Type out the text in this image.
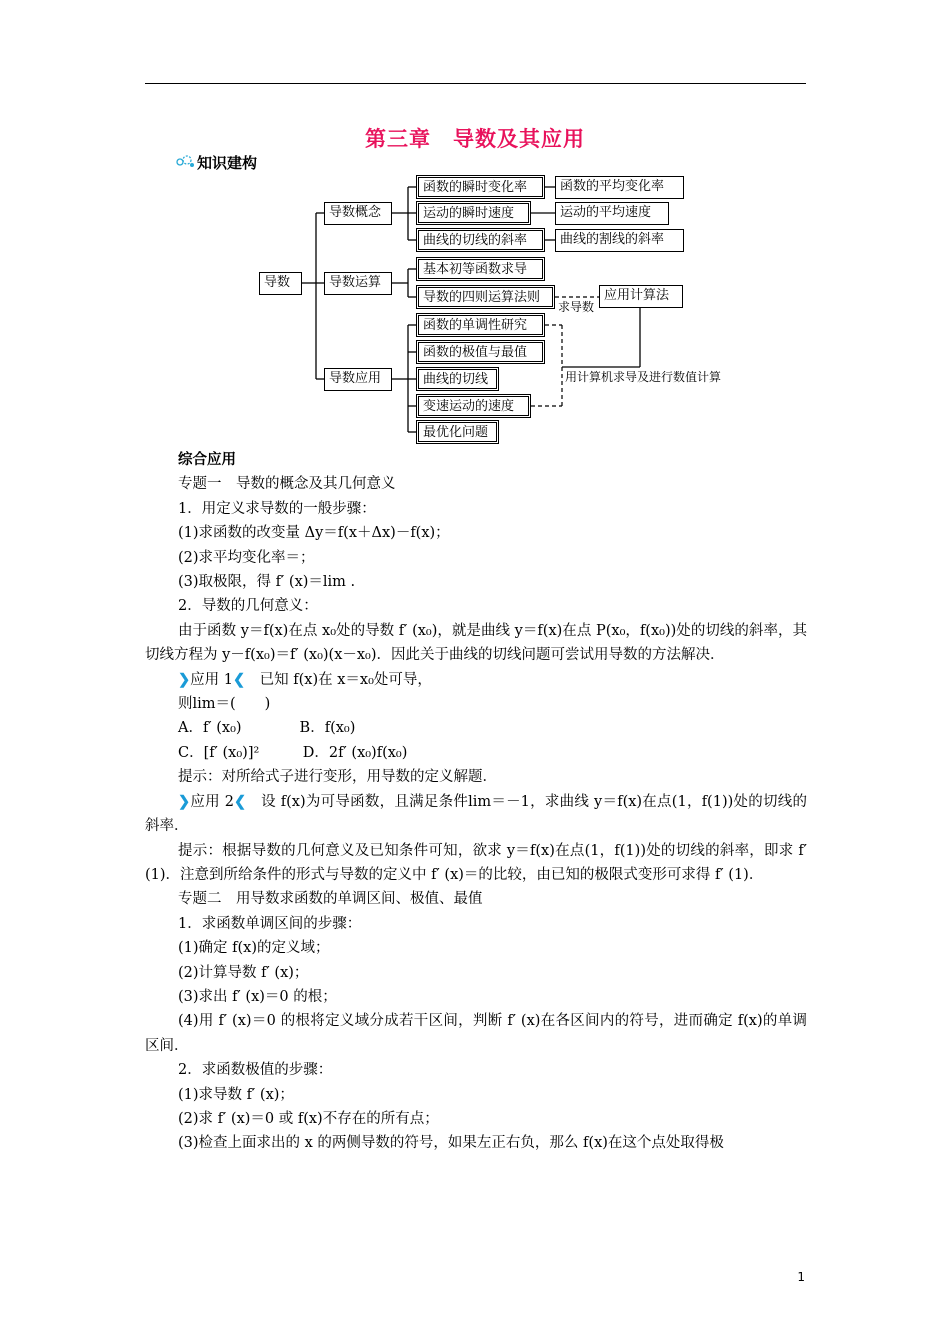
第三章　导数及其应用
知识建构
导数
导数概念
导数运算
导数应用
函数的瞬时变化率
运动的瞬时速度
曲线的切线的斜率
函数的平均变化率
运动的平均速度
曲线的割线的斜率
基本初等函数求导
导数的四则运算法则	应用计算法
求导数
用计算机求导及进行数值计算
函数的单调性研究
函数的极值与最值
曲线的切线
变速运动的速度
最优化问题

综合应用

专题一　导数的概念及其几何意义

1．用定义求导数的一般步骤：

(1)求函数的改变量 Δy＝f(x＋Δx)－f(x)；

(2)求平均变化率＝；

(3)取极限，得 f′ (x)＝lim .

2．导数的几何意义：

由于函数 y＝f(x)在点 x₀处的导数 f′ (x₀)，就是曲线 y＝f(x)在点 P(x₀，f(x₀))处的切线的斜率，其切线方程为 y－f(x₀)＝f′ (x₀)(x－x₀)．因此关于曲线的切线问题可尝试用导数的方法解决．

❯应用 1❮　 已知 f(x)在 x＝x₀处可导，

则lim＝(　　)

A．f′ (x₀)　　　　B．f(x₀)

C．[f′ (x₀)]²　　　D．2f′ (x₀)f(x₀)

提示：对所给式子进行变形，用导数的定义解题．

❯应用 2❮　 设 f(x)为可导函数，且满足条件lim＝－1，求曲线 y＝f(x)在点(1，f(1))处的切线的斜率．

提示：根据导数的几何意义及已知条件可知，欲求 y＝f(x)在点(1，f(1))处的切线的斜率，即求 f′ (1)．注意到所给条件的形式与导数的定义中 f′ (x)＝的比较，由已知的极限式变形可求得 f′ (1)．

专题二　用导数求函数的单调区间、极值、最值

1．求函数单调区间的步骤：

(1)确定 f(x)的定义域；

(2)计算导数 f′ (x)；

(3)求出 f′ (x)＝0 的根；

(4)用 f′ (x)＝0 的根将定义域分成若干区间，判断 f′ (x)在各区间内的符号，进而确定 f(x)的单调区间．

2．求函数极值的步骤：

(1)求导数 f′ (x)；

(2)求 f′ (x)＝0 或 f(x)不存在的所有点；

(3)检查上面求出的 x 的两侧导数的符号，如果左正右负，那么 f(x)在这个点处取得极

1
